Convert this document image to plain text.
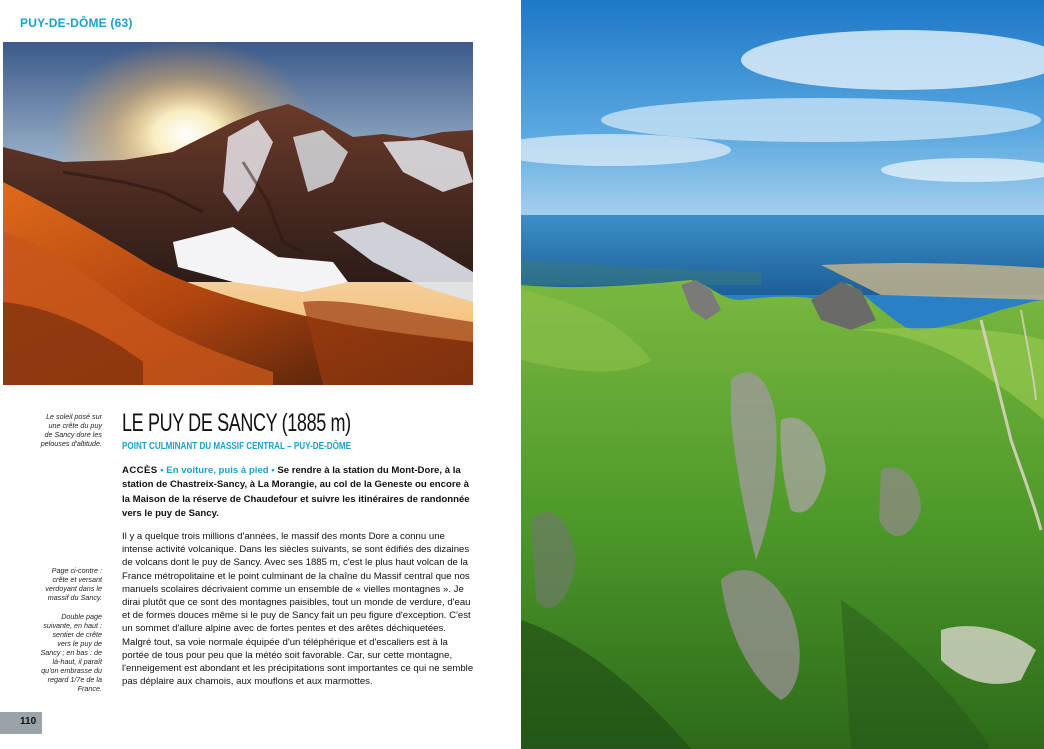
PUY-DE-DÔME (63)
Le soleil posé sur une crête du puy de Sancy dore les pelouses d'altitude.
Page ci-contre : crête et versant verdoyant dans le massif du Sancy.
Double page suivante, en haut : sentier de crête vers le puy de Sancy ; en bas : de là-haut, il paraît qu'on embrasse du regard 1/7e de la France.
LE PUY DE SANCY (1885 m)
POINT CULMINANT DU MASSIF CENTRAL – PUY-DE-DÔME
ACCÈS • En voiture, puis à pied • Se rendre à la station du Mont-Dore, à la station de Chastreix-Sancy, à La Morangie, au col de la Geneste ou encore à la Maison de la réserve de Chaudefour et suivre les itinéraires de randonnée vers le puy de Sancy.
Il y a quelque trois millions d'années, le massif des monts Dore a connu une intense activité volcanique. Dans les siècles suivants, se sont édifiés des dizaines de volcans dont le puy de Sancy. Avec ses 1885 m, c'est le plus haut volcan de la France métropolitaine et le point culminant de la chaîne du Massif central que nos manuels scolaires décrivaient comme un ensemble de « vielles montagnes ». Je dirai plutôt que ce sont des montagnes paisibles, tout un monde de verdure, d'eau et de formes douces même si le puy de Sancy fait un peu figure d'exception. C'est un sommet d'allure alpine avec de fortes pentes et des arêtes déchiquetées. Malgré tout, sa voie normale équipée d'un téléphérique et d'escaliers est à la portée de tous pour peu que la météo soit favorable. Car, sur cette montagne, l'enneigement est abondant et les précipitations sont importantes ce qui ne semble pas déplaire aux chamois, aux mouflons et aux marmottes.
110
